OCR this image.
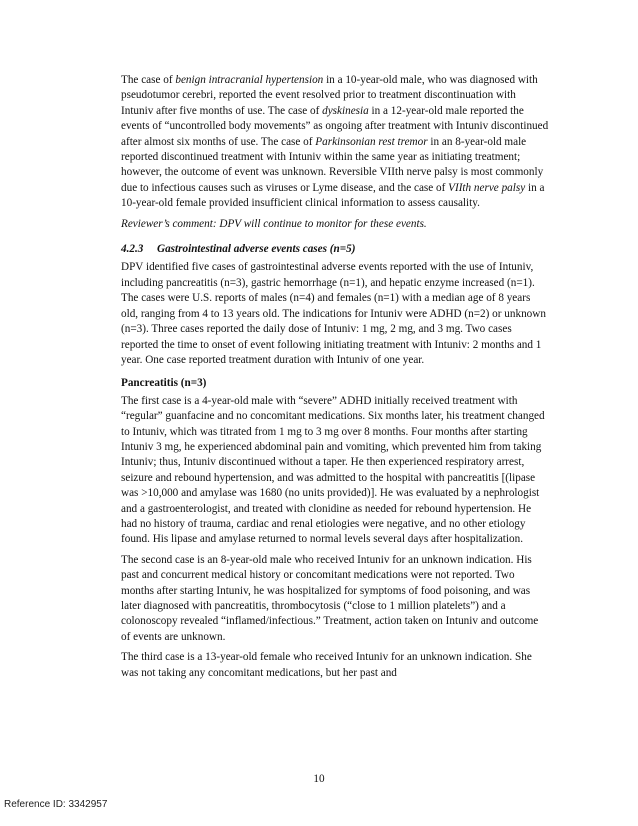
The case of benign intracranial hypertension in a 10-year-old male, who was diagnosed with pseudotumor cerebri, reported the event resolved prior to treatment discontinuation with Intuniv after five months of use. The case of dyskinesia in a 12-year-old male reported the events of “uncontrolled body movements” as ongoing after treatment with Intuniv discontinued after almost six months of use. The case of Parkinsonian rest tremor in an 8-year-old male reported discontinued treatment with Intuniv within the same year as initiating treatment; however, the outcome of event was unknown. Reversible VIIth nerve palsy is most commonly due to infectious causes such as viruses or Lyme disease, and the case of VIIth nerve palsy in a 10-year-old female provided insufficient clinical information to assess causality.

Reviewer’s comment: DPV will continue to monitor for these events.

4.2.3 Gastrointestinal adverse events cases (n=5)

DPV identified five cases of gastrointestinal adverse events reported with the use of Intuniv, including pancreatitis (n=3), gastric hemorrhage (n=1), and hepatic enzyme increased (n=1). The cases were U.S. reports of males (n=4) and females (n=1) with a median age of 8 years old, ranging from 4 to 13 years old. The indications for Intuniv were ADHD (n=2) or unknown (n=3). Three cases reported the daily dose of Intuniv: 1 mg, 2 mg, and 3 mg. Two cases reported the time to onset of event following initiating treatment with Intuniv: 2 months and 1 year. One case reported treatment duration with Intuniv of one year.

Pancreatitis (n=3)

The first case is a 4-year-old male with “severe” ADHD initially received treatment with “regular” guanfacine and no concomitant medications. Six months later, his treatment changed to Intuniv, which was titrated from 1 mg to 3 mg over 8 months. Four months after starting Intuniv 3 mg, he experienced abdominal pain and vomiting, which prevented him from taking Intuniv; thus, Intuniv discontinued without a taper. He then experienced respiratory arrest, seizure and rebound hypertension, and was admitted to the hospital with pancreatitis [(lipase was >10,000 and amylase was 1680 (no units provided)]. He was evaluated by a nephrologist and a gastroenterologist, and treated with clonidine as needed for rebound hypertension. He had no history of trauma, cardiac and renal etiologies were negative, and no other etiology found. His lipase and amylase returned to normal levels several days after hospitalization.

The second case is an 8-year-old male who received Intuniv for an unknown indication. His past and concurrent medical history or concomitant medications were not reported. Two months after starting Intuniv, he was hospitalized for symptoms of food poisoning, and was later diagnosed with pancreatitis, thrombocytosis (“close to 1 million platelets”) and a colonoscopy revealed “inflamed/infectious.” Treatment, action taken on Intuniv and outcome of events are unknown.

The third case is a 13-year-old female who received Intuniv for an unknown indication. She was not taking any concomitant medications, but her past and

10
Reference ID: 3342957
